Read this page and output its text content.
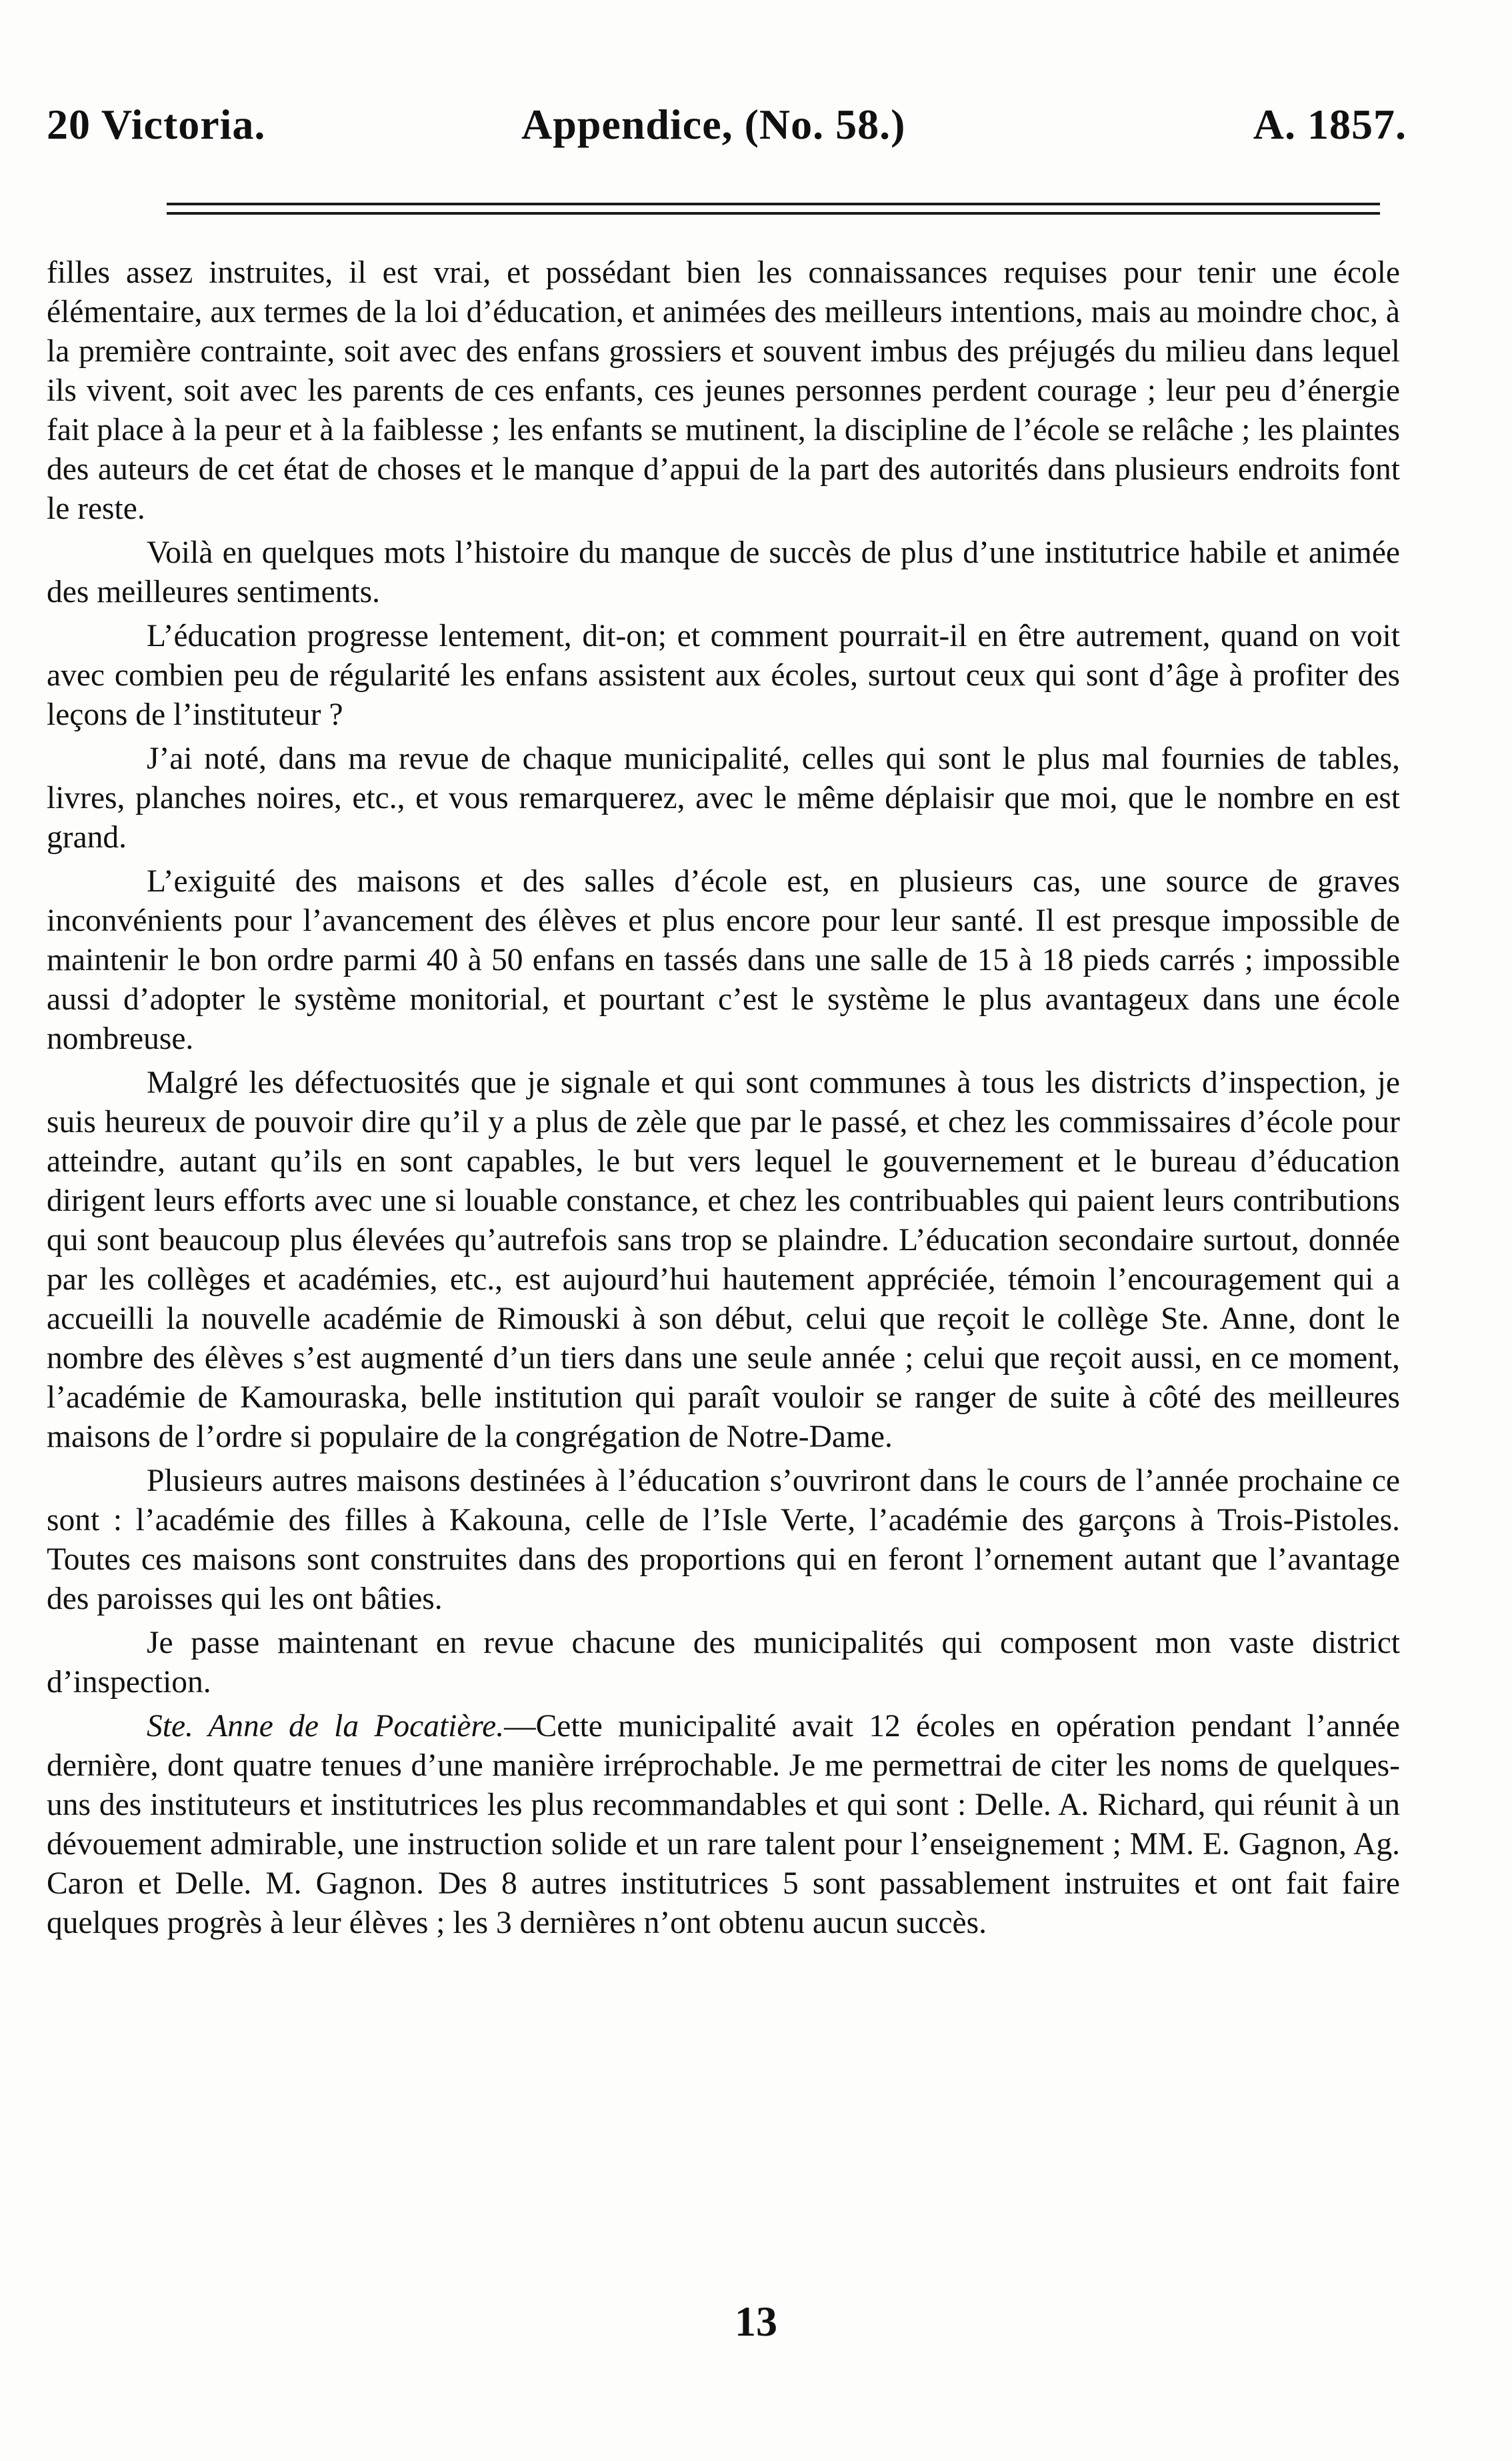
20 Victoria.	Appendice, (No. 58.)	A. 1857.

filles assez instruites, il est vrai, et possédant bien les connaissances requises pour tenir une école élémentaire, aux termes de la loi d’éducation, et animées des meilleurs intentions, mais au moindre choc, à la première contrainte, soit avec des enfans grossiers et souvent imbus des préjugés du milieu dans lequel ils vivent, soit avec les parents de ces enfants, ces jeunes personnes perdent courage ; leur peu d’énergie fait place à la peur et à la faiblesse ; les enfants se mutinent, la discipline de l’école se relâche ; les plaintes des auteurs de cet état de choses et le manque d’appui de la part des autorités dans plusieurs endroits font le reste.

Voilà en quelques mots l’histoire du manque de succès de plus d’une institutrice habile et animée des meilleures sentiments.

L’éducation progresse lentement, dit-on; et comment pourrait-il en être autrement, quand on voit avec combien peu de régularité les enfans assistent aux écoles, surtout ceux qui sont d’âge à profiter des leçons de l’instituteur ?

J’ai noté, dans ma revue de chaque municipalité, celles qui sont le plus mal fournies de tables, livres, planches noires, etc., et vous remarquerez, avec le même déplaisir que moi, que le nombre en est grand.

L’exiguité des maisons et des salles d’école est, en plusieurs cas, une source de graves inconvénients pour l’avancement des élèves et plus encore pour leur santé. Il est presque impossible de maintenir le bon ordre parmi 40 à 50 enfans en tassés dans une salle de 15 à 18 pieds carrés ; impossible aussi d’adopter le système monitorial, et pourtant c’est le système le plus avantageux dans une école nombreuse.

Malgré les défectuosités que je signale et qui sont communes à tous les districts d’inspection, je suis heureux de pouvoir dire qu’il y a plus de zèle que par le passé, et chez les commissaires d’école pour atteindre, autant qu’ils en sont capables, le but vers lequel le gouvernement et le bureau d’éducation dirigent leurs efforts avec une si louable constance, et chez les contribuables qui paient leurs contributions qui sont beaucoup plus élevées qu’autrefois sans trop se plaindre. L’éducation secondaire surtout, donnée par les collèges et académies, etc., est aujourd’hui hautement appréciée, témoin l’encouragement qui a accueilli la nouvelle académie de Rimouski à son début, celui que reçoit le collège Ste. Anne, dont le nombre des élèves s’est augmenté d’un tiers dans une seule année ; celui que reçoit aussi, en ce moment, l’académie de Kamouraska, belle institution qui paraît vouloir se ranger de suite à côté des meilleures maisons de l’ordre si populaire de la congrégation de Notre-Dame.

Plusieurs autres maisons destinées à l’éducation s’ouvriront dans le cours de l’année prochaine ce sont : l’académie des filles à Kakouna, celle de l’Isle Verte, l’académie des garçons à Trois-Pistoles. Toutes ces maisons sont construites dans des proportions qui en feront l’ornement autant que l’avantage des paroisses qui les ont bâties.

Je passe maintenant en revue chacune des municipalités qui composent mon vaste district d’inspection.

Ste. Anne de la Pocatière.—Cette municipalité avait 12 écoles en opération pendant l’année dernière, dont quatre tenues d’une manière irréprochable. Je me permettrai de citer les noms de quelques-uns des instituteurs et institutrices les plus recommandables et qui sont : Delle. A. Richard, qui réunit à un dévouement admirable, une instruction solide et un rare talent pour l’enseignement ; MM. E. Gagnon, Ag. Caron et Delle. M. Gagnon. Des 8 autres institutrices 5 sont passablement instruites et ont fait faire quelques progrès à leur élèves ; les 3 dernières n’ont obtenu aucun succès.

13
